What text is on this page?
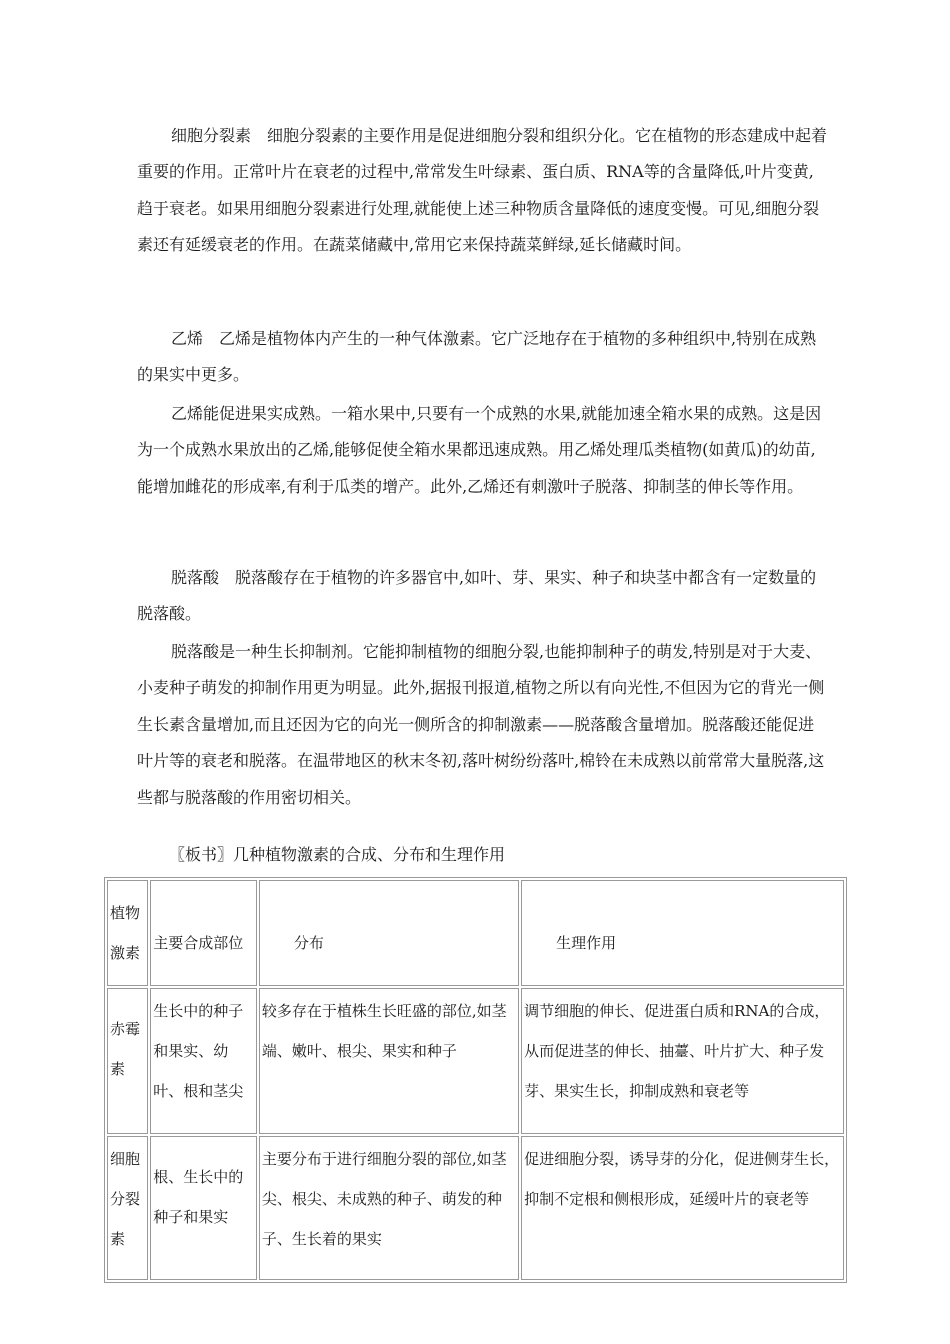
细胞分裂素　细胞分裂素的主要作用是促进细胞分裂和组织分化。它在植物的形态建成中起着重要的作用。正常叶片在衰老的过程中,常常发生叶绿素、蛋白质、RNA等的含量降低,叶片变黄,趋于衰老。如果用细胞分裂素进行处理,就能使上述三种物质含量降低的速度变慢。可见,细胞分裂素还有延缓衰老的作用。在蔬菜储藏中,常用它来保持蔬菜鲜绿,延长储藏时间。

乙烯　乙烯是植物体内产生的一种气体激素。它广泛地存在于植物的多种组织中,特别在成熟的果实中更多。

乙烯能促进果实成熟。一箱水果中,只要有一个成熟的水果,就能加速全箱水果的成熟。这是因为一个成熟水果放出的乙烯,能够促使全箱水果都迅速成熟。用乙烯处理瓜类植物(如黄瓜)的幼苗,能增加雌花的形成率,有利于瓜类的增产。此外,乙烯还有刺激叶子脱落、抑制茎的伸长等作用。

脱落酸　脱落酸存在于植物的许多器官中,如叶、芽、果实、种子和块茎中都含有一定数量的脱落酸。

脱落酸是一种生长抑制剂。它能抑制植物的细胞分裂,也能抑制种子的萌发,特别是对于大麦、小麦种子萌发的抑制作用更为明显。此外,据报刊报道,植物之所以有向光性,不但因为它的背光一侧生长素含量增加,而且还因为它的向光一侧所含的抑制激素——脱落酸含量增加。脱落酸还能促进叶片等的衰老和脱落。在温带地区的秋末冬初,落叶树纷纷落叶,棉铃在未成熟以前常常大量脱落,这些都与脱落酸的作用密切相关。

〖板书〗几种植物激素的合成、分布和生理作用
植物激素	主要合成部位	分布	生理作用
赤霉素	生长中的种子和果实、幼叶、根和茎尖	较多存在于植株生长旺盛的部位,如茎端、嫩叶、根尖、果实和种子	调节细胞的伸长、促进蛋白质和RNA的合成，从而促进茎的伸长、抽薹、叶片扩大、种子发芽、果实生长，抑制成熟和衰老等
细胞分裂素	根、生长中的种子和果实	主要分布于进行细胞分裂的部位,如茎尖、根尖、未成熟的种子、萌发的种子、生长着的果实	促进细胞分裂，诱导芽的分化，促进侧芽生长，抑制不定根和侧根形成，延缓叶片的衰老等
